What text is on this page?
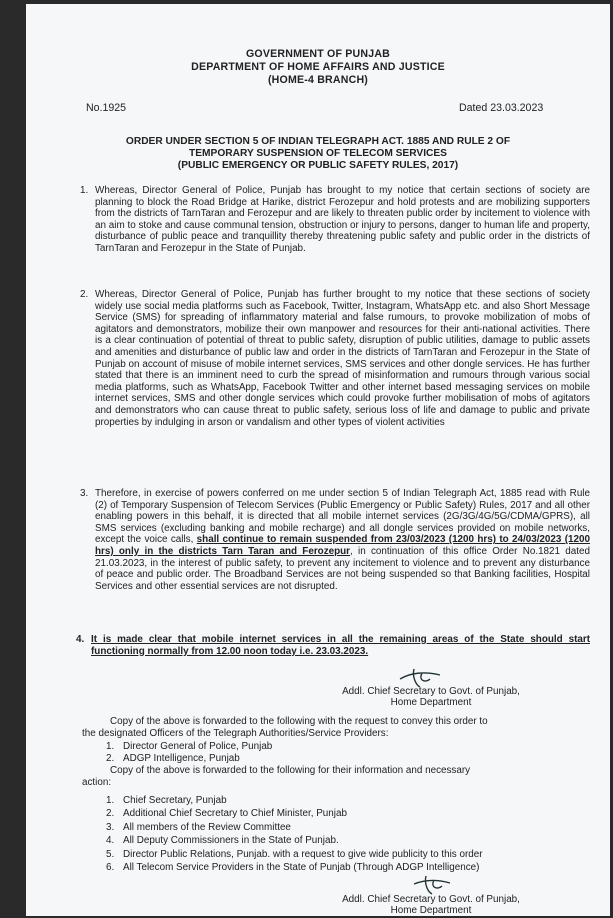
GOVERNMENT OF PUNJAB
DEPARTMENT OF HOME AFFAIRS AND JUSTICE
(HOME-4 BRANCH)
No.1925	Dated 23.03.2023
ORDER UNDER SECTION 5 OF INDIAN TELEGRAPH ACT. 1885 AND RULE 2 OF
TEMPORARY SUSPENSION OF TELECOM SERVICES
(PUBLIC EMERGENCY OR PUBLIC SAFETY RULES, 2017)
1. Whereas, Director General of Police, Punjab has brought to my notice that certain sections of society are planning to block the Road Bridge at Harike, district Ferozepur and hold protests and are mobilizing supporters from the districts of TarnTaran and Ferozepur and are likely to threaten public order by incitement to violence with an aim to stoke and cause communal tension, obstruction or injury to persons, danger to human life and property, disturbance of public peace and tranquillity thereby threatening public safety and public order in the districts of TarnTaran and Ferozepur in the State of Punjab.
2. Whereas, Director General of Police, Punjab has further brought to my notice that these sections of society widely use social media platforms such as Facebook, Twitter, Instagram, WhatsApp etc. and also Short Message Service (SMS) for spreading of inflammatory material and false rumours, to provoke mobilization of mobs of agitators and demonstrators, mobilize their own manpower and resources for their anti-national activities. There is a clear continuation of potential of threat to public safety, disruption of public utilities, damage to public assets and amenities and disturbance of public law and order in the districts of TarnTaran and Ferozepur in the State of Punjab on account of misuse of mobile internet services, SMS services and other dongle services. He has further stated that there is an imminent need to curb the spread of misinformation and rumours through various social media platforms, such as WhatsApp, Facebook Twitter and other internet based messaging services on mobile internet services, SMS and other dongle services which could provoke further mobilisation of mobs of agitators and demonstrators who can cause threat to public safety, serious loss of life and damage to public and private properties by indulging in arson or vandalism and other types of violent activities
3. Therefore, in exercise of powers conferred on me under section 5 of Indian Telegraph Act, 1885 read with Rule (2) of Temporary Suspension of Telecom Services (Public Emergency or Public Safety) Rules, 2017 and all other enabling powers in this behalf, it is directed that all mobile internet services (2G/3G/4G/5G/CDMA/GPRS), all SMS services (excluding banking and mobile recharge) and all dongle services provided on mobile networks, except the voice calls, shall continue to remain suspended from 23/03/2023 (1200 hrs) to 24/03/2023 (1200 hrs) only in the districts Tarn Taran and Ferozepur, in continuation of this office Order No.1821 dated 21.03.2023, in the interest of public safety, to prevent any incitement to violence and to prevent any disturbance of peace and public order. The Broadband Services are not being suspended so that Banking facilities, Hospital Services and other essential services are not disrupted.
4. It is made clear that mobile internet services in all the remaining areas of the State should start functioning normally from 12.00 noon today i.e. 23.03.2023.
Addl. Chief Secretary to Govt. of Punjab,
Home Department
Copy of the above is forwarded to the following with the request to convey this order to
the designated Officers of the Telegraph Authorities/Service Providers:
1. Director General of Police, Punjab
2. ADGP Intelligence, Punjab
Copy of the above is forwarded to the following for their information and necessary
action:
1. Chief Secretary, Punjab
2. Additional Chief Secretary to Chief Minister, Punjab
3. All members of the Review Committee
4. All Deputy Commissioners in the State of Punjab.
5. Director Public Relations, Punjab. with a request to give wide publicity to this order
6. All Telecom Service Providers in the State of Punjab (Through ADGP Intelligence)
Addl. Chief Secretary to Govt. of Punjab,
Home Department
